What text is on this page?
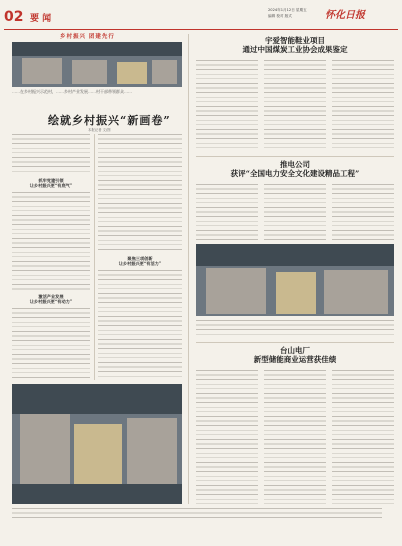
02 要 闻
2024年1月12日 星期五
编辑 校对 版式	怀化日报
乡村振兴 团建先行
……在乡村振兴示范村，……乡村产业发展……村干部带领群众……
绘就乡村振兴“新画卷”
本报记者 文/图
抓牢党建引领
让乡村振兴更“有底气”
激活产业发展
让乡村振兴更“有动力”
聚焦三项创新
让乡村振兴更“有活力”
宇爱智能鞋业项目
通过中国煤炭工业协会成果鉴定
推电公司
获评“全国电力安全文化建设精品工程”
台山电厂
新型储能商业运营获佳绩
